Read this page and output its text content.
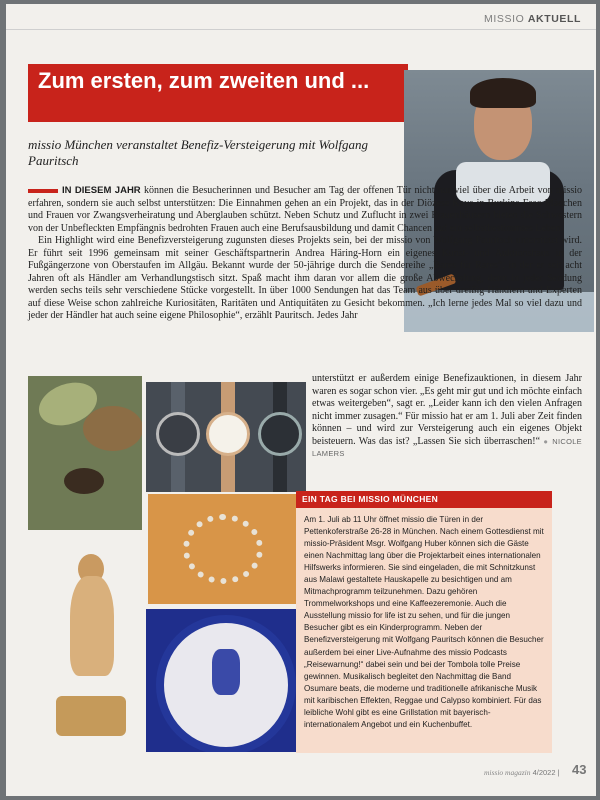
MISSIO AKTUELL
Zum ersten, zum zweiten und ...
missio München veranstaltet Benefiz-Versteigerung mit Wolfgang Pauritsch

IN DIESEM JAHR können die Besucherinnen und Besucher am Tag der offenen Tür nicht nur viel über die Arbeit von missio erfahren, sondern sie auch selbst unterstützen: Die Einnahmen gehen an ein Projekt, das in der Diözese Kaya in Burkina Faso Mädchen und Frauen vor Zwangsverheiratung und Aberglauben schützt. Neben Schutz und Zuflucht in zwei Frauenhäusern bieten die Schwestern von der Unbefleckten Empfängnis bedrohten Frauen auch eine Berufsausbildung und damit Chancen auf ein selbstbestimmtes Leben.

Ein Highlight wird eine Benefizversteigerung zugunsten dieses Projekts sein, bei der missio von Wolfgang Pauritsch unterstützt wird. Er führt seit 1996 gemeinsam mit seiner Geschäftspartnerin Andrea Häring-Horn ein eigenes Kunst- und Auktionshaus in der Fußgängerzone von Oberstaufen im Allgäu. Bekannt wurde der 50-jährige durch die Sendereihe „Bares für Rares“, in der er seit acht Jahren oft als Händler am Verhandlungstisch sitzt. Spaß macht ihm daran vor allem die große Abwechslung, denn in jeder Sendung werden sechs teils sehr verschiedene Stücke vorgestellt. In über 1000 Sendungen hat das Team aus über dreißig Händlern und Experten auf diese Weise schon zahlreiche Kuriositäten, Raritäten und Antiquitäten zu Gesicht bekommen. „Ich lerne jedes Mal so viel dazu und jeder der Händler hat auch seine eigene Philosophie“, erzählt Pauritsch. Jedes Jahr

unterstützt er außerdem einige Benefizauktionen, in diesem Jahr waren es sogar schon vier. „Es geht mir gut und ich möchte einfach etwas weitergeben“, sagt er. „Leider kann ich den vielen Anfragen nicht immer zusagen.“ Für missio hat er am 1. Juli aber Zeit finden können – und wird zur Versteigerung auch ein eigenes Objekt beisteuern. Was das ist? „Lassen Sie sich überraschen!“ ● NICOLE LAMERS
EIN TAG BEI MISSIO MÜNCHEN
Am 1. Juli ab 11 Uhr öffnet missio die Türen in der Pettenkoferstraße 26-28 in München. Nach einem Gottesdienst mit missio-Präsident Msgr. Wolfgang Huber können sich die Gäste einen Nachmittag lang über die Projektarbeit eines internationalen Hilfswerks informieren. Sie sind eingeladen, die mit Schnitzkunst aus Malawi gestaltete Hauskapelle zu besichtigen und am Mitmachprogramm teilzunehmen. Dazu gehören Trommelworkshops und eine Kaffeezeremonie. Auch die Ausstellung missio for life ist zu sehen, und für die jungen Besucher gibt es ein Kinderprogramm. Neben der Benefizversteigerung mit Wolfgang Pauritsch können die Besucher außerdem bei einer Live-Aufnahme des missio Podcasts „Reisewarnung!“ dabei sein und bei der Tombola tolle Preise gewinnen. Musikalisch begleitet den Nachmittag die Band Osumare beats, die moderne und traditionelle afrikanische Musik mit karibischen Effekten, Reggae und Calypso kombiniert. Für das leibliche Wohl gibt es eine Grillstation mit bayerisch-internationalem Angebot und ein Kuchenbuffet.
missio magazin 4/2022 | 43
